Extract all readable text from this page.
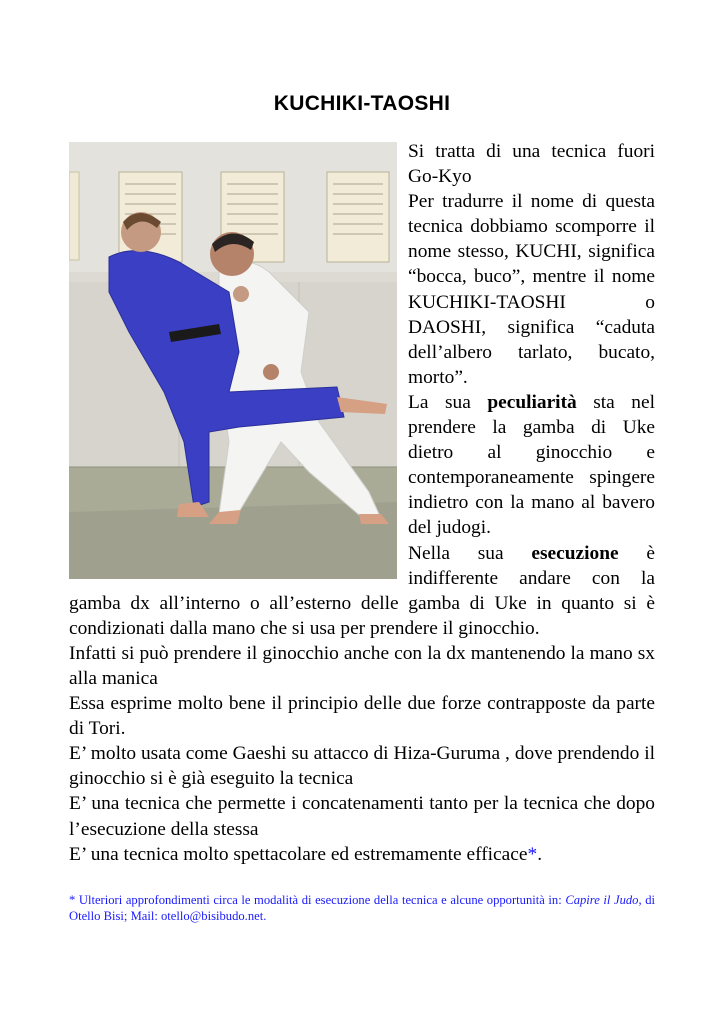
KUCHIKI-TAOSHI

Si tratta di una tecnica fuori Go-Kyo

Per tradurre il nome di questa tecnica dobbiamo scomporre il nome stesso, KUCHI, significa “bocca, buco”, mentre il nome KUCHIKI-TAOSHI o DAOSHI, significa “caduta dell’albero tarlato, bucato, morto”.

La sua peculiarità sta nel prendere la gamba di Uke dietro al ginocchio e contemporaneamente spingere indietro con la mano al bavero del judogi.

Nella sua esecuzione è indifferente andare con la gamba dx all’interno o all’esterno delle gamba di Uke in quanto si è condizionati dalla mano che si usa per prendere il ginocchio.

Infatti si può prendere il ginocchio anche con la dx mantenendo la mano sx alla manica

Essa esprime molto bene il principio delle due forze contrapposte da parte di Tori.

E’ molto usata come Gaeshi su attacco di Hiza-Guruma , dove prendendo il ginocchio si è già eseguito la tecnica

E’ una tecnica che permette i concatenamenti tanto per la tecnica che dopo l’esecuzione della stessa

E’ una tecnica molto spettacolare ed estremamente efficace*.

* Ulteriori approfondimenti circa le modalità di esecuzione della tecnica e alcune opportunità in: Capire il Judo, di Otello Bisi; Mail: otello@bisibudo.net.
